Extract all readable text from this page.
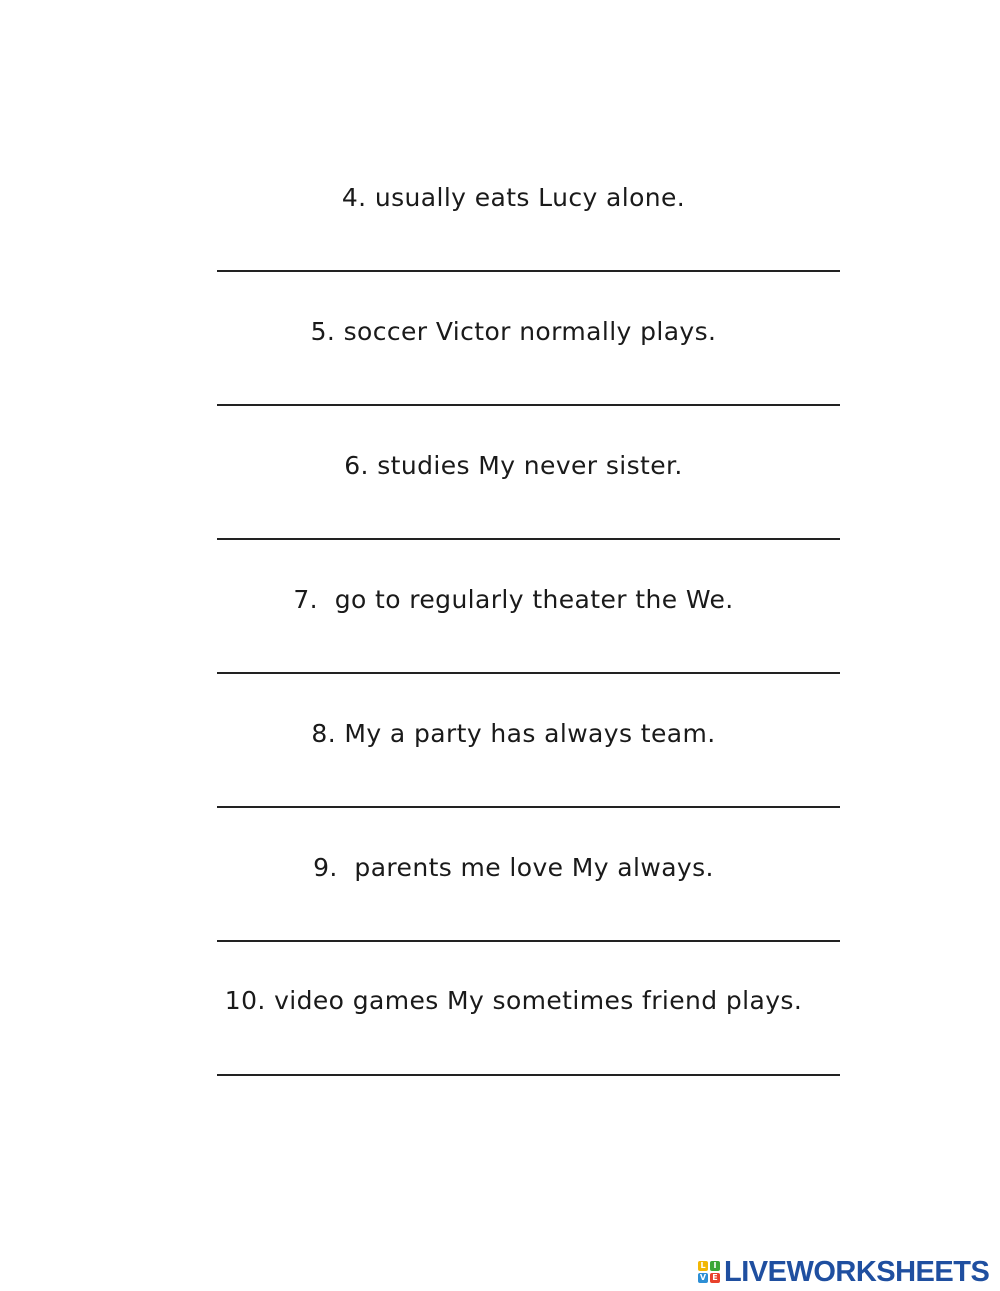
4. usually eats Lucy alone.
5. soccer Victor normally plays.
6. studies My never sister.
7.  go to regularly theater the We.
8. My a party has always team.
9.  parents me love My always.
10. video games My sometimes friend plays.
L I
V E LIVEWORKSHEETS
